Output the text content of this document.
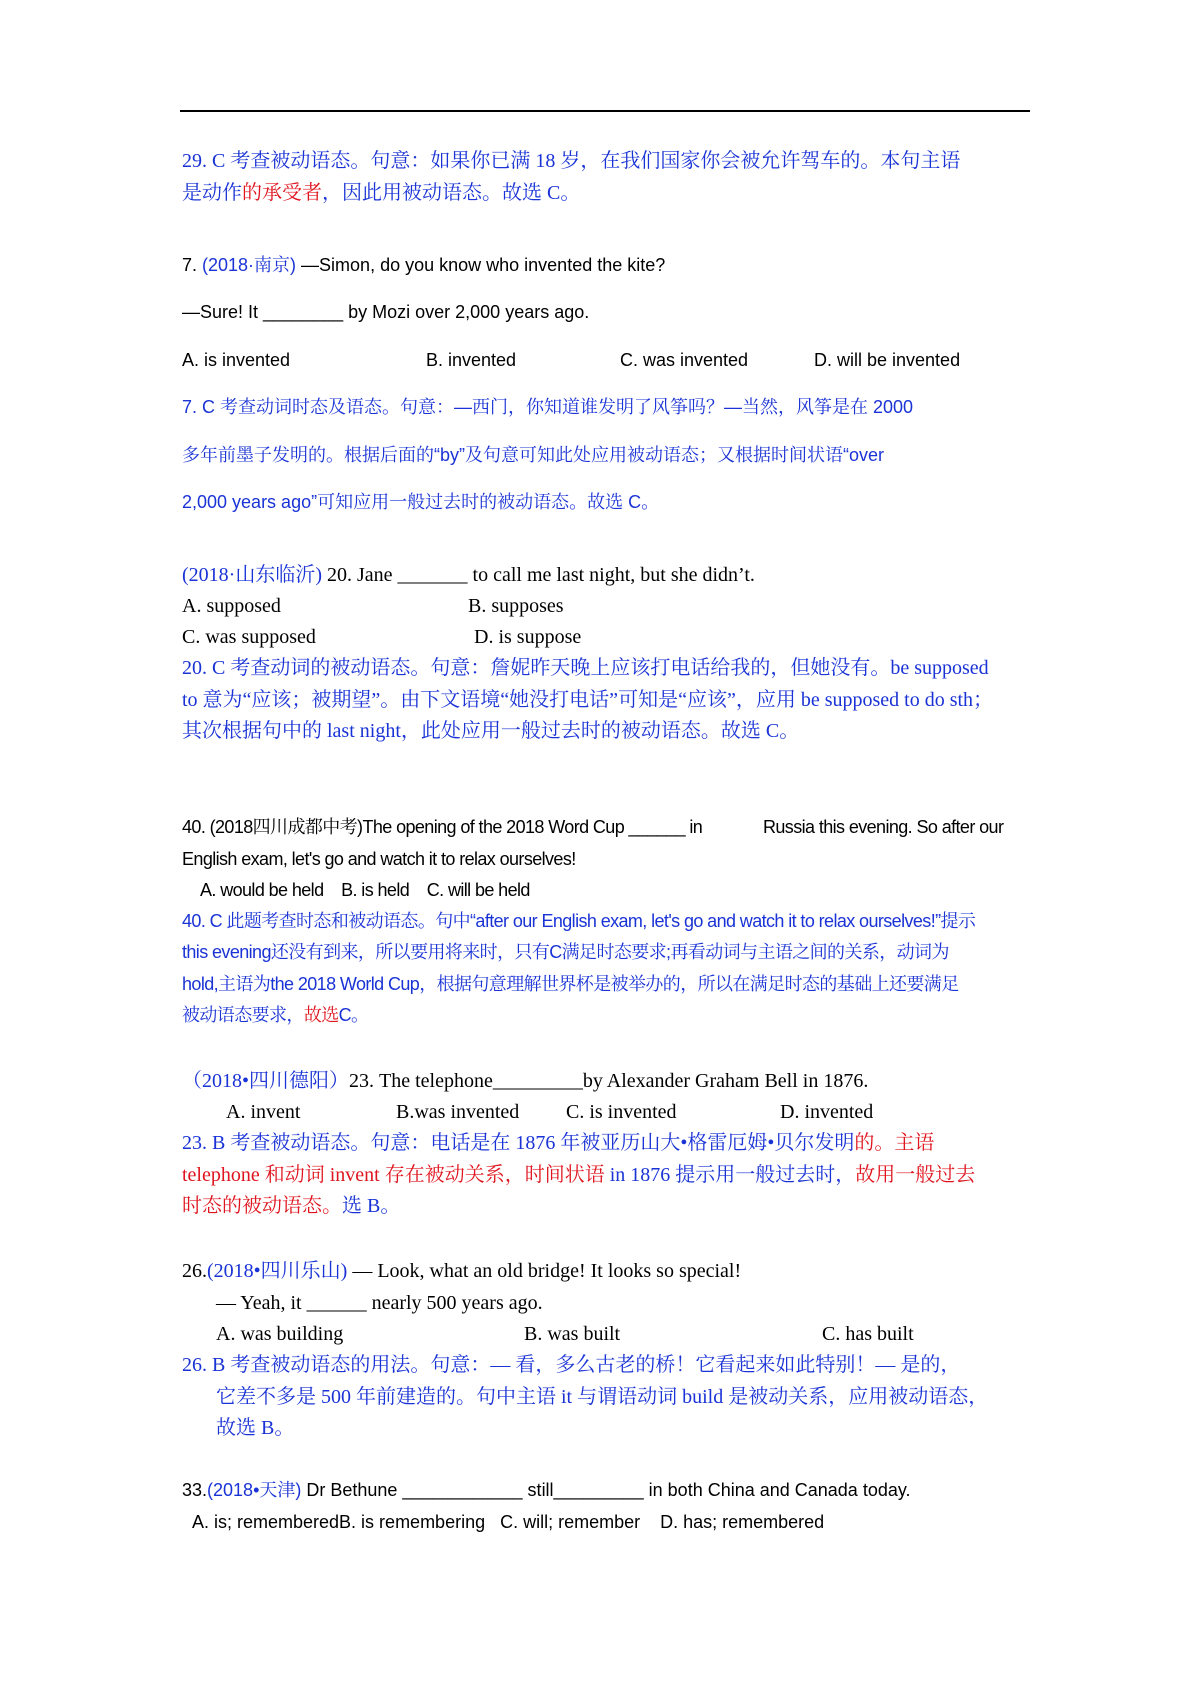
29. C 考查被动语态。句意：如果你已满 18 岁，在我们国家你会被允许驾车的。本句主语
是动作的承受者，因此用被动语态。故选 C。
7. (2018·南京) —Simon, do you know who invented the kite?
—Sure! It ________ by Mozi over 2,000 years ago.
A. is invented	B. invented	C. was invented	D. will be invented
7. C 考查动词时态及语态。句意：—西门，你知道谁发明了风筝吗？—当然，风筝是在 2000
多年前墨子发明的。根据后面的“by”及句意可知此处应用被动语态；又根据时间状语“over
2,000 years ago”可知应用一般过去时的被动语态。故选 C。
(2018·山东临沂) 20. Jane _______ to call me last night, but she didn’t.
A. supposed	B. supposes
C. was supposed	D. is suppose
20. C 考查动词的被动语态。句意：詹妮昨天晚上应该打电话给我的，但她没有。be supposed
to 意为“应该；被期望”。由下文语境“她没打电话”可知是“应该”，应用 be supposed to do sth；
其次根据句中的 last night，此处应用一般过去时的被动语态。故选 C。
40. (2018四川成都中考)The opening of the 2018 Word Cup ______ in	Russia this evening. So after our
English exam, let's go and watch it to relax ourselves!
A. would be held    B. is held    C. will be held
40. C 此题考查时态和被动语态。句中“after our English exam, let's go and watch it to relax ourselves!”提示
this evening还没有到来，所以要用将来时，只有C满足时态要求;再看动词与主语之间的关系，动词为
hold,主语为the 2018 World Cup，根据句意理解世界杯是被举办的，所以在满足时态的基础上还要满足
被动语态要求，故选C。
（2018•四川德阳）23. The telephone_________by Alexander Graham Bell in 1876.
A. invent	B.was invented C. is invented	D. invented
23. B 考查被动语态。句意：电话是在 1876 年被亚历山大•格雷厄姆•贝尔发明的。主语
telephone 和动词 invent 存在被动关系，时间状语 in 1876 提示用一般过去时，故用一般过去
时态的被动语态。选 B。
26.(2018•四川乐山) — Look, what an old bridge! It looks so special!
— Yeah, it ______ nearly 500 years ago.
A. was building	B. was built	C. has built
26. B 考查被动语态的用法。句意：— 看，多么古老的桥！它看起来如此特别！— 是的，
它差不多是 500 年前建造的。句中主语 it 与谓语动词 build 是被动关系，应用被动语态，
故选 B。
33.(2018•天津) Dr Bethune ____________ still_________ in both China and Canada today.
A. is; rememberedB. is remembering   C. will; remember    D. has; remembered
